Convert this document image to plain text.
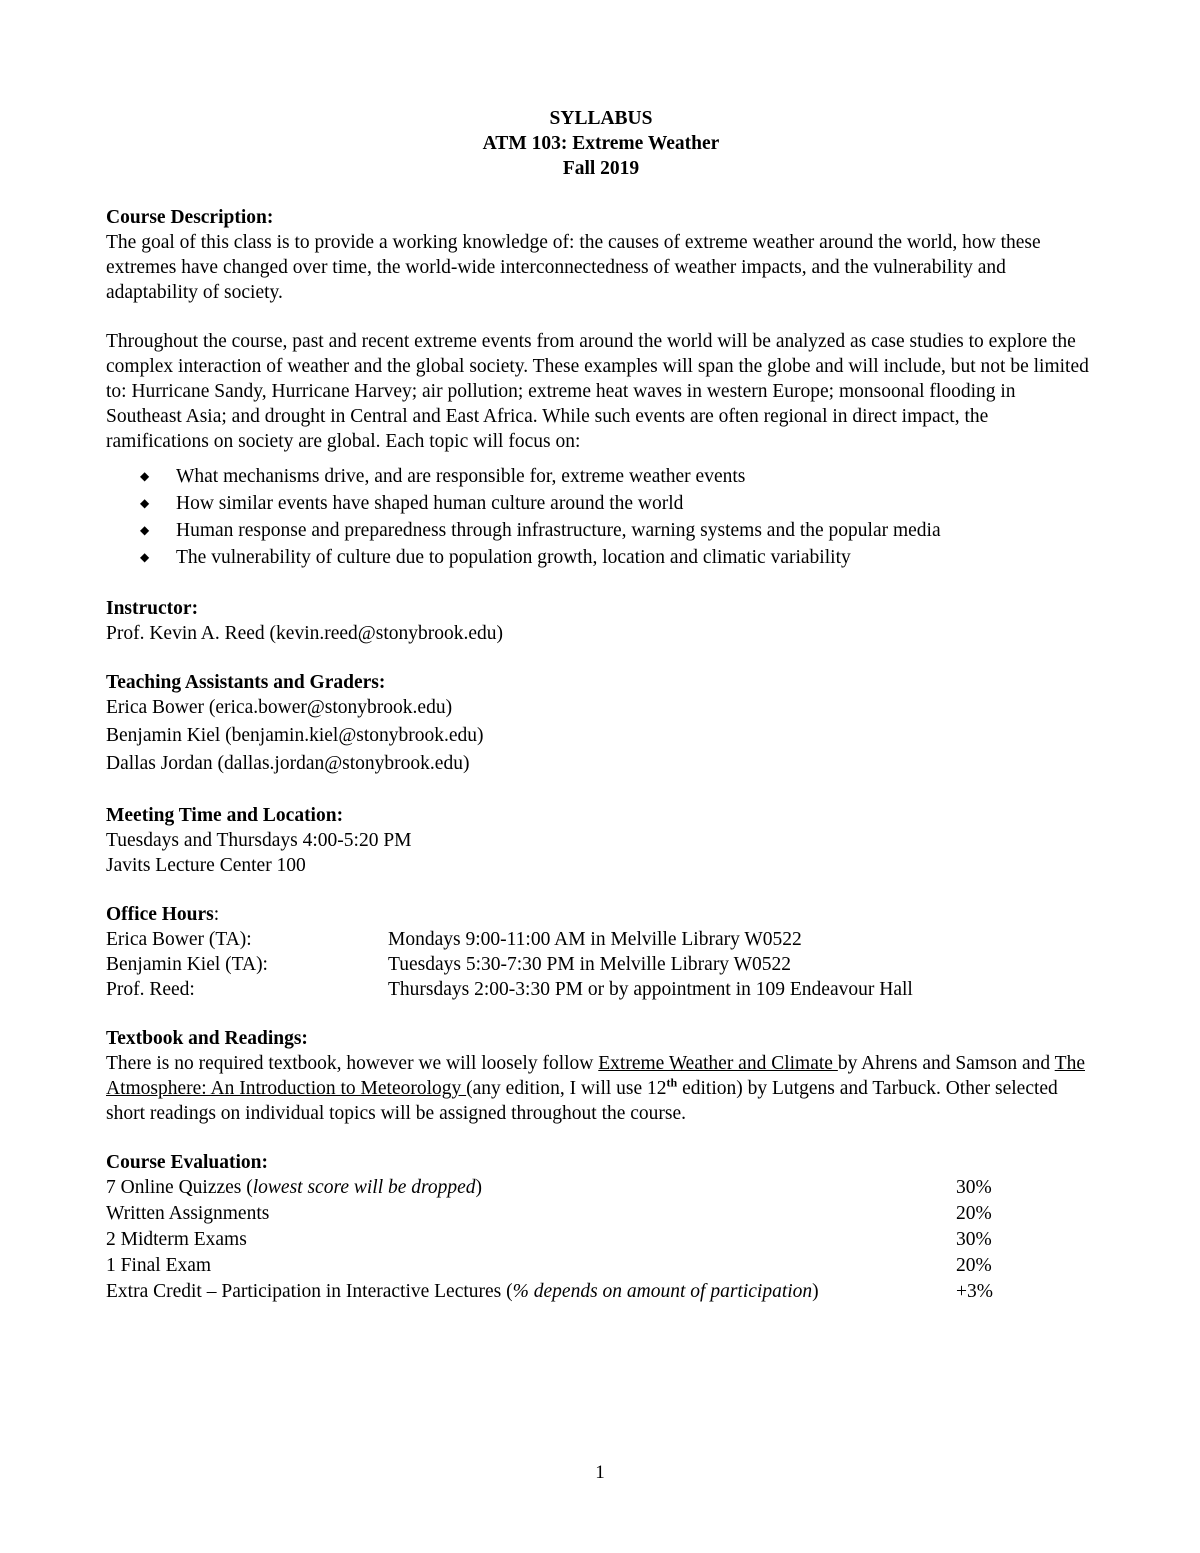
SYLLABUS
ATM 103: Extreme Weather
Fall 2019
Course Description:

The goal of this class is to provide a working knowledge of: the causes of extreme weather around the world, how these extremes have changed over time, the world-wide interconnectedness of weather impacts, and the vulnerability and adaptability of society.

Throughout the course, past and recent extreme events from around the world will be analyzed as case studies to explore the complex interaction of weather and the global society. These examples will span the globe and will include, but not be limited to: Hurricane Sandy, Hurricane Harvey; air pollution; extreme heat waves in western Europe; monsoonal flooding in Southeast Asia; and drought in Central and East Africa. While such events are often regional in direct impact, the ramifications on society are global. Each topic will focus on:

◆ What mechanisms drive, and are responsible for, extreme weather events
◆ How similar events have shaped human culture around the world
◆ Human response and preparedness through infrastructure, warning systems and the popular media
◆ The vulnerability of culture due to population growth, location and climatic variability
Instructor:

Prof. Kevin A. Reed (kevin.reed@stonybrook.edu)

Teaching Assistants and Graders:
Erica Bower (erica.bower@stonybrook.edu)
Benjamin Kiel (benjamin.kiel@stonybrook.edu)
Dallas Jordan (dallas.jordan@stonybrook.edu)
Meeting Time and Location:

Tuesdays and Thursdays 4:00-5:20 PM

Javits Lecture Center 100

Office Hours:
Erica Bower (TA):	Mondays 9:00-11:00 AM in Melville Library W0522
Benjamin Kiel (TA):	Tuesdays 5:30-7:30 PM in Melville Library W0522
Prof. Reed:	Thursdays 2:00-3:30 PM or by appointment in 109 Endeavour Hall
Textbook and Readings:

There is no required textbook, however we will loosely follow Extreme Weather and Climate by Ahrens and Samson and The Atmosphere: An Introduction to Meteorology (any edition, I will use 12th edition) by Lutgens and Tarbuck. Other selected short readings on individual topics will be assigned throughout the course.

Course Evaluation:
7 Online Quizzes (lowest score will be dropped)	30%
Written Assignments	20%
2 Midterm Exams	30%
1 Final Exam	20%
Extra Credit – Participation in Interactive Lectures (% depends on amount of participation)	+3%
1
